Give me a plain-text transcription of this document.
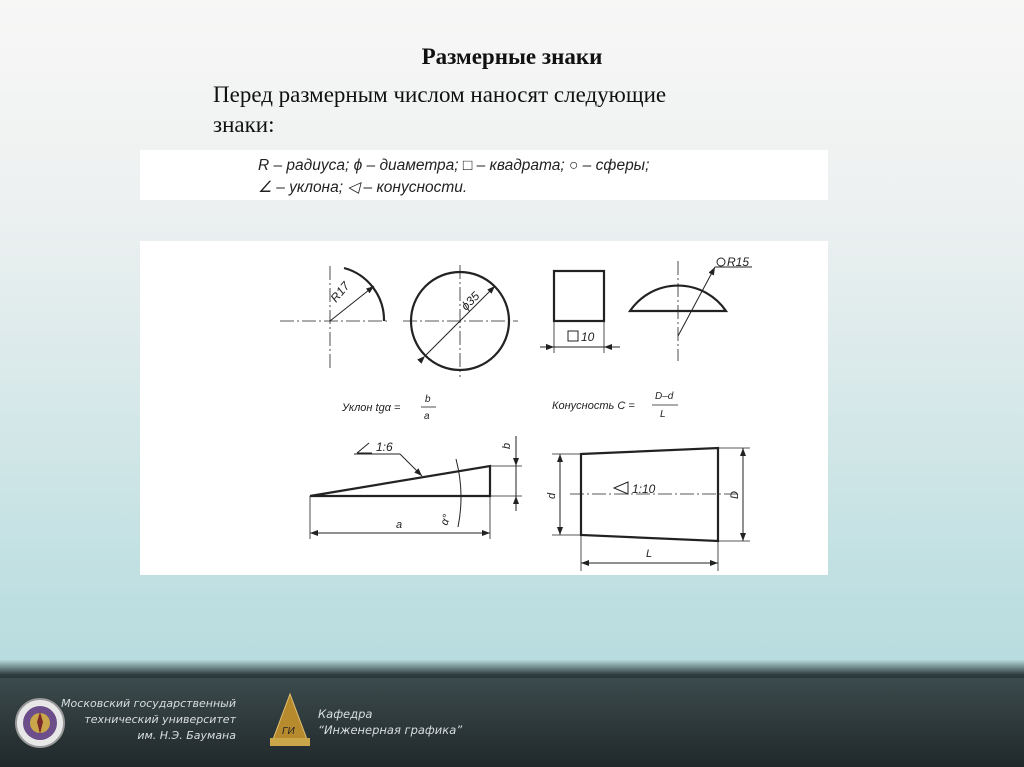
Размерные знаки
Перед размерным числом наносят следующие
знаки:
R – радиуса; ϕ – диаметра; □ – квадрата; ○ – сферы;
∠ – уклона; ◁ – конусности.
R17	ϕ35
10
R15
Уклон tgα =
b
a
Конусность C =
D–d
L
1:6
a
b
α°
1:10
d	D
L
Московский государственный
технический университет
им. Н.Э. Баумана	ГИ
Кафедра
“Инженерная графика”
